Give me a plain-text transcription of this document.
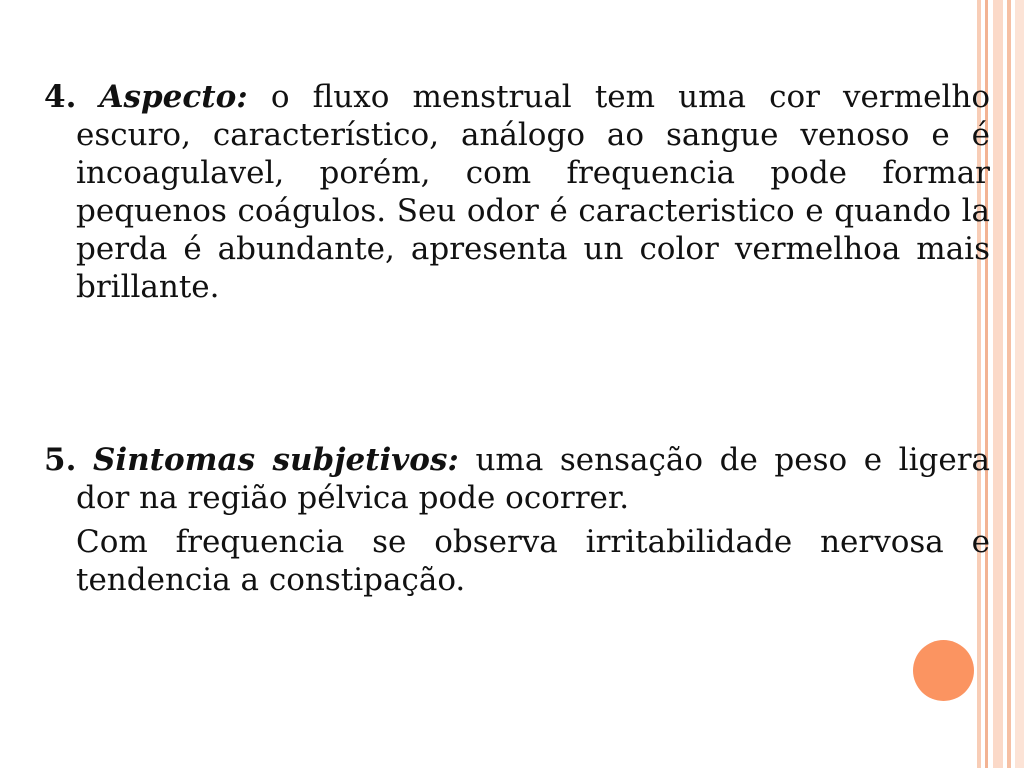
4. Aspecto: o fluxo menstrual tem uma cor vermelho escuro, característico, análogo ao sangue venoso e é incoagulavel, porém, com frequencia pode formar pequenos coágulos. Seu odor é caracteristico e quando la perda é abundante, apresenta un color vermelhoa mais brillante.

5. Sintomas subjetivos: uma sensação de peso e ligera dor na região pélvica pode ocorrer.

Com frequencia se observa irritabilidade nervosa e tendencia a constipação.
